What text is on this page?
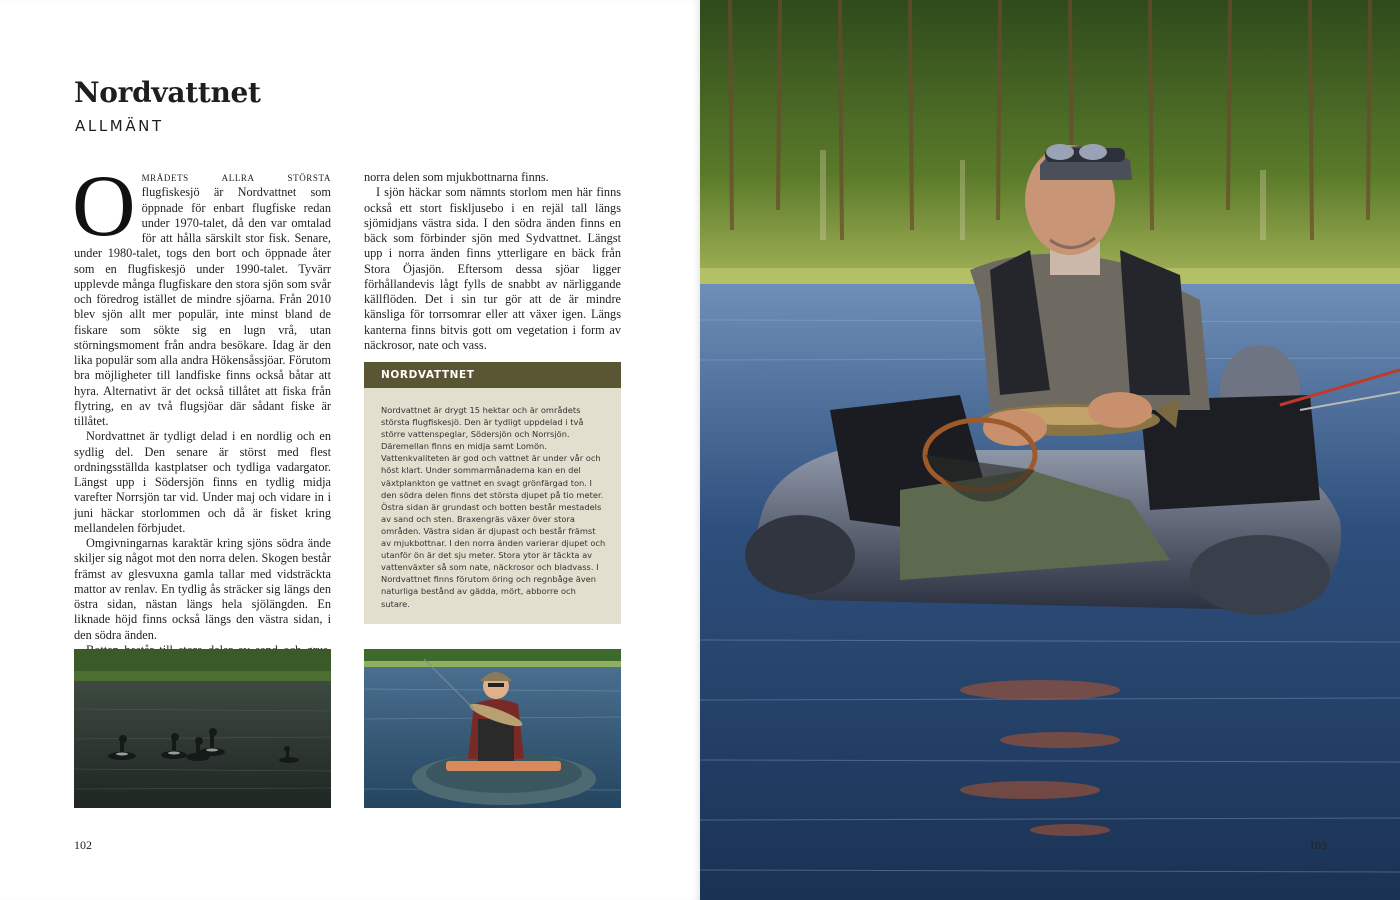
Nordvattnet
ALLMÄNT

Områdets allra största flugfiskesjö är Nordvattnet som öppnade för enbart flugfiske redan under 1970-talet, då den var omtalad för att hålla särskilt stor fisk. Senare, under 1980-talet, togs den bort och öppnade åter som en flugfiskesjö under 1990-talet. Tyvärr upplevde många flugfiskare den stora sjön som svår och föredrog istället de mindre sjöarna. Från 2010 blev sjön allt mer populär, inte minst bland de fiskare som sökte sig en lugn vrå, utan störningsmoment från andra besökare. Idag är den lika populär som alla andra Hökensåssjöar. Förutom bra möjligheter till landfiske finns också båtar att hyra. Alternativt är det också tillåtet att fiska från flytring, en av två flugsjöar där sådant fiske är tillåtet.

Nordvattnet är tydligt delad i en nordlig och en sydlig del. Den senare är störst med flest ordningsställda kastplatser och tydliga vadargator. Längst upp i Södersjön finns en tydlig midja varefter Norrsjön tar vid. Under maj och vidare in i juni häckar storlommen och då är fisket kring mellandelen förbjudet.

Omgivningarnas karaktär kring sjöns södra ände skiljer sig något mot den norra delen. Skogen består främst av glesvuxna gamla tallar med vidsträckta mattor av renlav. En tydlig ås sträcker sig längs den östra sidan, nästan längs hela sjölängden. En liknade höjd finns också längs den västra sidan, i den södra änden.

norra delen som mjukbottnarna finns.

I sjön häckar som nämnts storlom men här finns också ett stort fiskljusebo i en rejäl tall längs sjömidjans västra sida. I den södra änden finns en bäck som förbinder sjön med Sydvattnet. Längst upp i norra änden finns ytterligare en bäck från Stora Öjasjön. Eftersom dessa sjöar ligger förhållandevis lågt fylls de snabbt av närliggande källflöden. Det i sin tur gör att de är mindre känsliga för torrsomrar eller att växer igen. Längs kanterna finns bitvis gott om vegetation i form av näckrosor, nate och vass.

NORDVATTNET
Nordvattnet är drygt 15 hektar och är områdets största flugfiskesjö. Den är tydligt uppdelad i två större vattenspeglar, Södersjön och Norrsjön. Däremellan finns en midja samt Lomön. Vattenkvaliteten är god och vattnet är under vår och höst klart. Under sommarmånaderna kan en del växtplankton ge vattnet en svagt grönfärgad ton. I den södra delen finns det största djupet på tio meter. Östra sidan är grundast och botten består mestadels av sand och sten. Braxengräs växer över stora områden. Västra sidan är djupast och består främst av mjukbottnar. I den norra änden varierar djupet och utanför ön är det sju meter. Stora ytor är täckta av vattenväxter så som nate, näckrosor och bladvass. I Nordvattnet finns förutom öring och regnbåge även naturliga bestånd av gädda, mört, abborre och sutare.
102	103
